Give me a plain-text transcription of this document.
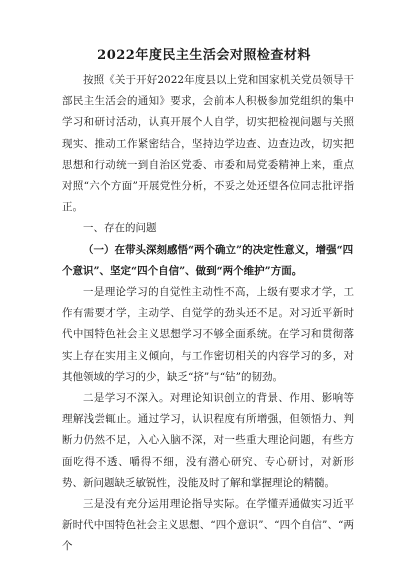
2022年度民主生活会对照检查材料

按照《关于开好2022年度县以上党和国家机关党员领导干部民主生活会的通知》要求，会前本人积极参加党组织的集中学习和研讨活动，认真开展个人自学，切实把检视问题与关照现实、推动工作紧密结合，坚持边学边查、边查边改，切实把思想和行动统一到自治区党委、市委和局党委精神上来，重点对照“六个方面”开展党性分析，不妥之处还望各位同志批评指正。

一、存在的问题

（一）在带头深刻感悟“两个确立”的决定性意义，增强“四个意识”、坚定“四个自信”、做到“两个维护”方面。

一是理论学习的自觉性主动性不高，上级有要求才学，工作有需要才学，主动学、自觉学的劲头还不足。对习近平新时代中国特色社会主义思想学习不够全面系统。在学习和贯彻落实上存在实用主义倾向，与工作密切相关的内容学习的多，对其他领域的学习的少，缺乏“挤”与“钻”的韧劲。

二是学习不深入。对理论知识创立的背景、作用、影响等理解浅尝辄止。通过学习，认识程度有所增强，但领悟力、判断力仍然不足，入心入脑不深，对一些重大理论问题，有些方面吃得不透、嚼得不细，没有潜心研究、专心研讨，对新形势、新问题缺乏敏锐性，没能及时了解和掌握理论的精髓。

三是没有充分运用理论指导实际。在学懂弄通做实习近平新时代中国特色社会主义思想、“四个意识”、“四个自信”、“两个
